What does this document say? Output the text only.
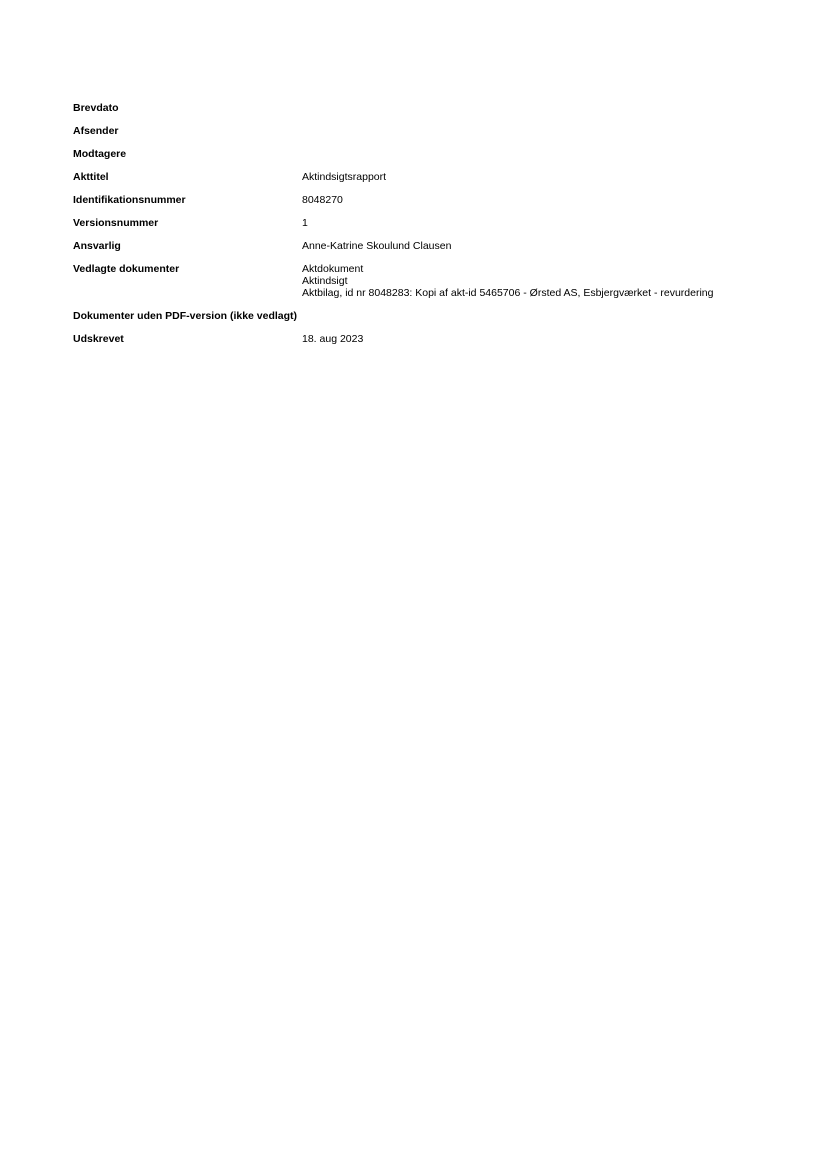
Brevdato
Afsender
Modtagere
Akttitel	Aktindsigtsrapport
Identifikationsnummer	8048270
Versionsnummer	1
Ansvarlig	Anne-Katrine Skoulund Clausen
Vedlagte dokumenter	Aktdokument
Aktindsigt
Aktbilag, id nr 8048283: Kopi af akt-id 5465706 - Ørsted AS, Esbjergværket - revurdering
Dokumenter uden PDF-version (ikke vedlagt)
Udskrevet	18. aug 2023
